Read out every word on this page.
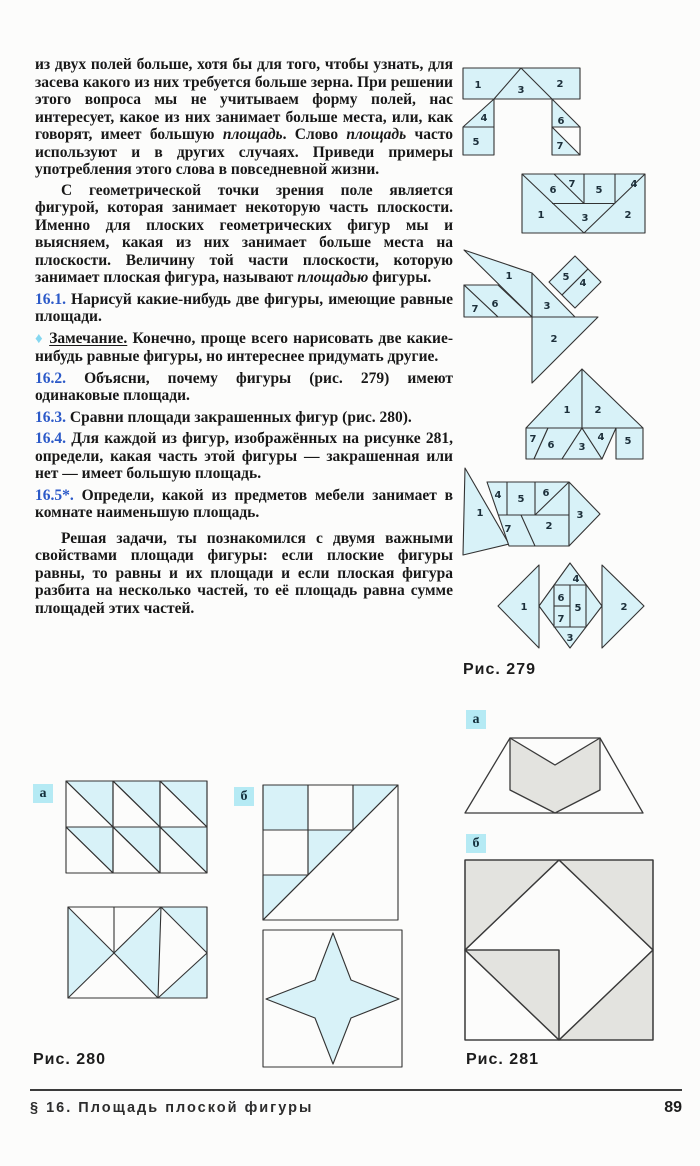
из двух полей больше, хотя бы для того, чтобы узнать, для засева какого из них требуется больше зерна. При решении этого вопроса мы не учитываем форму полей, нас интересует, какое из них занимает больше места, или, как говорят, имеет большую площадь. Слово площадь часто используют и в других случаях. Приведи примеры употребления этого слова в повседневной жизни.

С геометрической точки зрения поле является фигурой, которая занимает некоторую часть плоскости. Именно для плоских геометрических фигур мы и выясняем, какая из них занимает больше места на плоскости. Величину той части плоскости, которую занимает плоская фигура, называют площадью фигуры.

16.1. Нарисуй какие-нибудь две фигуры, имеющие равные площади.

♦ Замечание. Конечно, проще всего нарисовать две какие-нибудь равные фигуры, но интереснее придумать другие.

16.2. Объясни, почему фигуры (рис. 279) имеют одинаковые площади.

16.3. Сравни площади закрашенных фигур (рис. 280).

16.4. Для каждой из фигур, изображённых на рисунке 281, определи, какая часть этой фигуры — закрашенная или нет — имеет большую площадь.

16.5*. Определи, какой из предметов мебели занимает в комнате наименьшую площадь.

Решая задачи, ты познакомился с двумя важными свойствами площади фигуры: если плоские фигуры равны, то равны и их площади и если плоская фигура разбита на несколько частей, то её площадь равна сумме площадей этих частей.

1	2
3
4
5
6
7
1	2
3
4
5
6
7
1
2
3
4
5
6
7
1 2
3
4 5
6
7
1
2
3
4 5
6
7
1	2
3
4
5
6
7
Рис. 279
а	б
Рис. 280
а
б
Рис. 281
§ 16. Площадь плоской фигуры	89
